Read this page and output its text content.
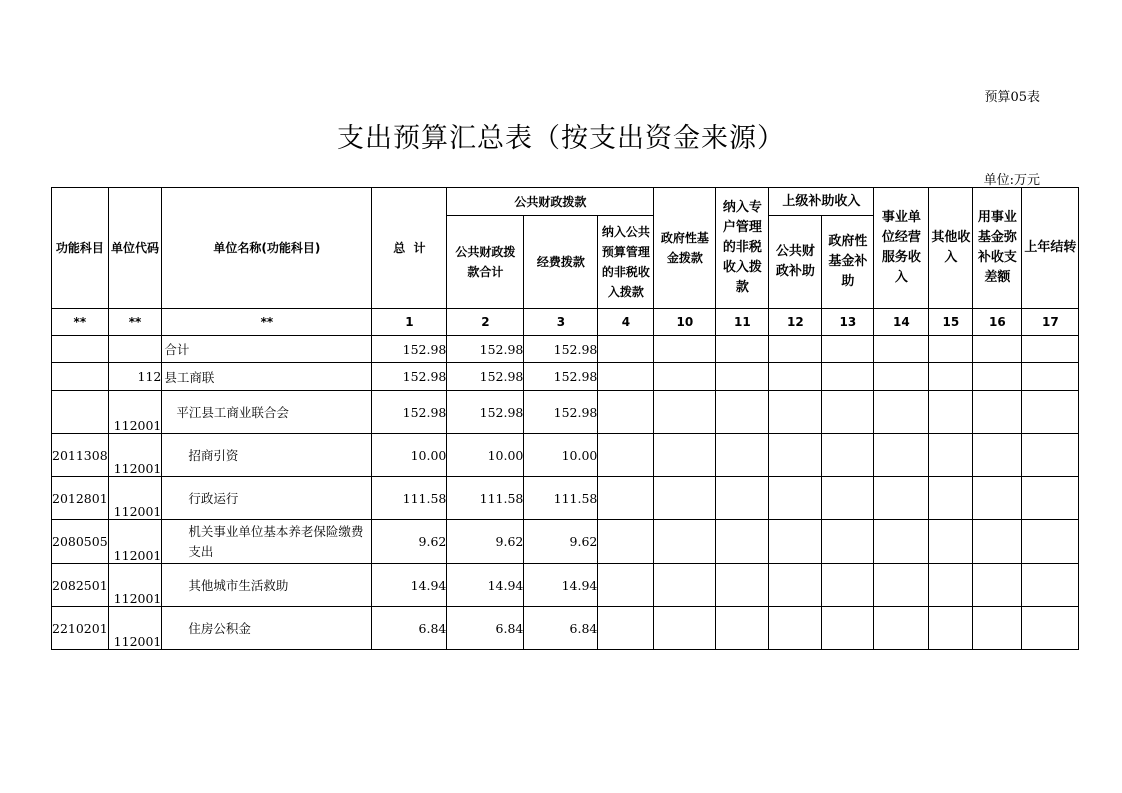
预算05表
支出预算汇总表（按支出资金来源）
单位:万元
功能科目	单位代码	单位名称(功能科目)	总  计	公共财政拨款			政府性基金拨款	纳入专户管理的非税收入拨款	上级补助收入		事业单位经营服务收入	其他收入	用事业基金弥补收支差额	上年结转
				公共财政拨款合计	经费拨款	纳入公共预算管理的非税收入拨款			公共财政补助	政府性基金补助				
**	**	**	1	2	3	4	10	11	12	13	14	15	16	17
		合计	152.98	152.98	152.98									
	112	县工商联	152.98	152.98	152.98									
	112001	平江县工商业联合会	152.98	152.98	152.98									
2011308	112001	招商引资	10.00	10.00	10.00									
2012801	112001	行政运行	111.58	111.58	111.58									
2080505	112001	机关事业单位基本养老保险缴费支出	9.62	9.62	9.62									
2082501	112001	其他城市生活救助	14.94	14.94	14.94									
2210201	112001	住房公积金	6.84	6.84	6.84									
